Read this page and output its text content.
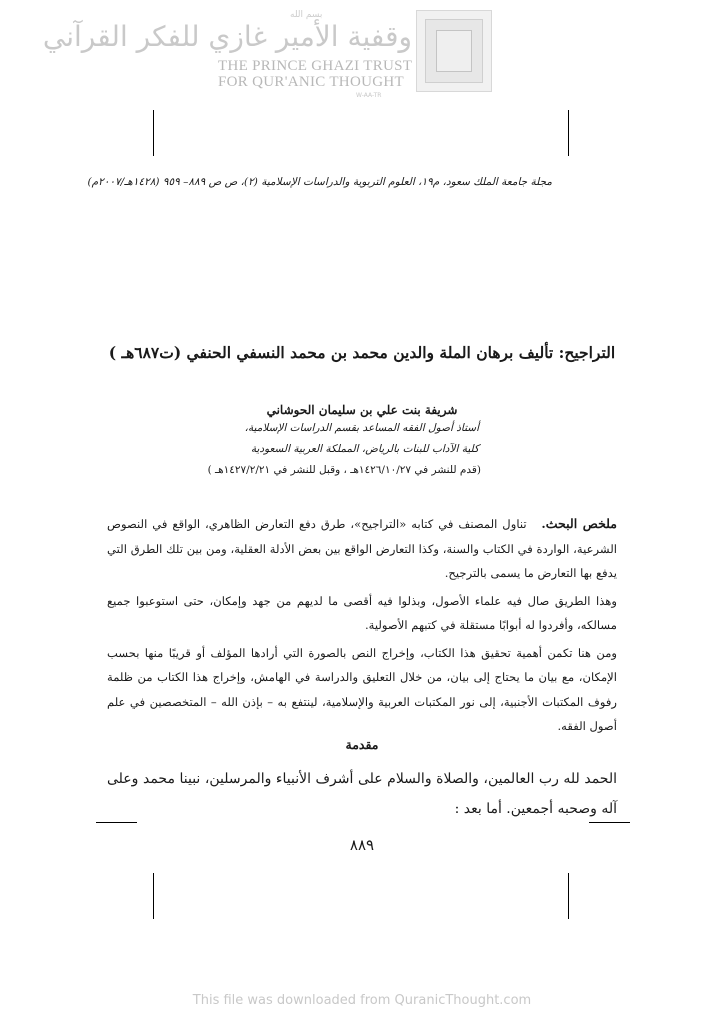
بسم الله
وقفية الأمير غازي للفكر القرآني
THE PRINCE GHAZI TRUST
FOR QUR'ANIC THOUGHT
W-AA-TR
مجلة جامعة الملك سعود، م١٩، العلوم التربوية والدراسات الإسلامية (٢)، ص ص ٨٨٩– ٩٥٩ (١٤٢٨هـ/٢٠٠٧م)
التراجيح: تأليف برهان الملة والدين محمد بن محمد النسفي الحنفي (ت٦٨٧هـ )
شريفة بنت علي بن سليمان الحوشاني
أستاذ أصول الفقه المساعد بقسم الدراسات الإسلامية،
كلية الآداب للبنات بالرياض، المملكة العربية السعودية
(قدم للنشر في ١٤٢٦/١٠/٢٧هـ ، وقبل للنشر في ١٤٢٧/٢/٢١هـ )

ملخص البحث.   تناول المصنف في كتابه «التراجيح»، طرق دفع التعارض الظاهري، الواقع في النصوص الشرعية، الواردة في الكتاب والسنة، وكذا التعارض الواقع بين بعض الأدلة العقلية، ومن بين تلك الطرق التي يدفع بها التعارض ما يسمى بالترجيح.

وهذا الطريق صال فيه علماء الأصول، وبذلوا فيه أقصى ما لديهم من جهد وإمكان، حتى استوعبوا جميع مسالكه، وأفردوا له أبوابًا مستقلة في كتبهم الأصولية.

ومن هنا تكمن أهمية تحقيق هذا الكتاب، وإخراج النص بالصورة التي أرادها المؤلف أو قريبًا منها بحسب الإمكان، مع بيان ما يحتاج إلى بيان، من خلال التعليق والدراسة في الهامش، وإخراج هذا الكتاب من ظلمة رفوف المكتبات الأجنبية، إلى نور المكتبات العربية والإسلامية، لينتفع به – بإذن الله – المتخصصين في علم أصول الفقه.

مقدمة
الحمد لله رب العالمين، والصلاة والسلام على أشرف الأنبياء والمرسلين، نبينا محمد وعلى آله وصحبه أجمعين. أما بعد :
٨٨٩
This file was downloaded from QuranicThought.com
